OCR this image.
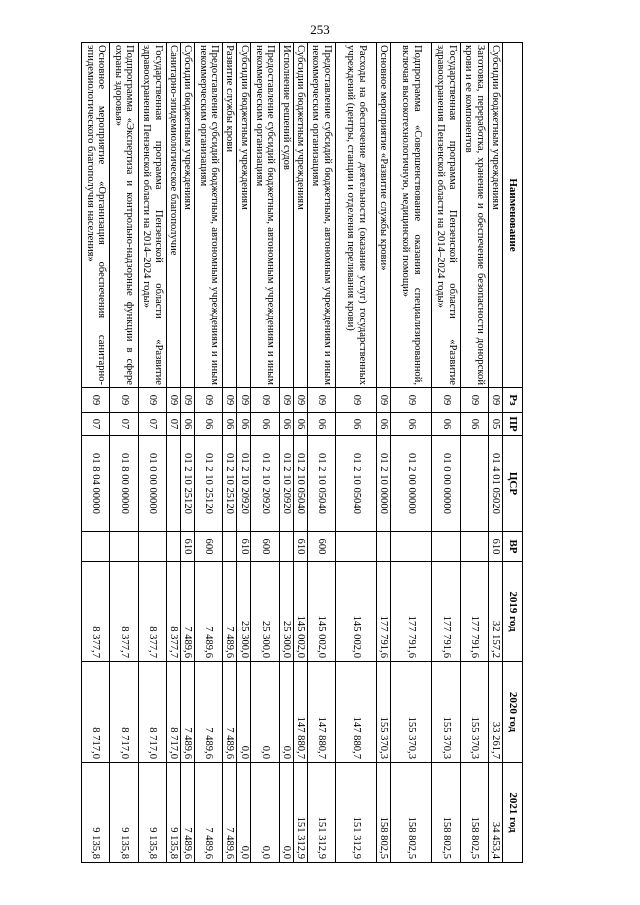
253
Наименование	Рз	ПР	ЦСР	ВР	2019 год	2020 год	2021 год
Субсидии бюджетным учреждениям	09	05	01 4 01 05020	610	32 157,2	33 261,7	34 453,4
Заготовка, переработка, хранение и обеспечение безопасности донорской крови и ее компонентов	09	06			177 791,6	155 370,3	158 802,5
Государственная программа Пензенской области «Развитие здравоохранения Пензенской области на 2014–2024 годы»	09	06	01 0 00 00000		177 791,6	155 370,3	158 802,5
Подпрограмма «Совершенствование оказания специализированной, включая высокотехнологичную, медицинской помощи»	09	06	01 2 00 00000		177 791,6	155 370,3	158 802,5
Основное мероприятие «Развитие службы крови»	09	06	01 2 10 00000		177 791,6	155 370,3	158 802,5
Расходы на обеспечение деятельности (оказание услуг) государственных учреждений (центры, станции и отделения переливания крови)	09	06	01 2 10 05040		145 002,0	147 880,7	151 312,9
Предоставление субсидий бюджетным, автономным учреждениям и иным некоммерческим организациям	09	06	01 2 10 05040	600	145 002,0	147 880,7	151 312,9
Субсидии бюджетным учреждениям	09	06	01 2 10 05040	610	145 002,0	147 880,7	151 312,9
Исполнение решений судов	09	06	01 2 10 20920		25 300,0	0,0	0,0
Предоставление субсидий бюджетным, автономным учреждениям и иным некоммерческим организациям	09	06	01 2 10 20920	600	25 300,0	0,0	0,0
Субсидии бюджетным учреждениям	09	06	01 2 10 20920	610	25 300,0	0,0	0,0
Развитие службы крови	09	06	01 2 10 25120		7 489,6	7 489,6	7 489,6
Предоставление субсидий бюджетным, автономным учреждениям и иным некоммерческим организациям	09	06	01 2 10 25120	600	7 489,6	7 489,6	7 489,6
Субсидии бюджетным учреждениям	09	06	01 2 10 25120	610	7 489,6	7 489,6	7 489,6
Санитарно-эпидемиологическое благополучие	09	07			8 377,7	8 717,0	9 135,8
Государственная программа Пензенской области «Развитие здравоохранения Пензенской области на 2014–2024 годы»	09	07	01 0 00 00000		8 377,7	8 717,0	9 135,8
Подпрограмма «Экспертиза и контрольно-надзорные функции в сфере охраны здоровья»	09	07	01 8 00 00000		8 377,7	8 717,0	9 135,8
Основное мероприятие «Организация обеспечения санитарно-эпидемиологического благополучия населения»	09	07	01 8 04 00000		8 377,7	8 717,0	9 135,8
